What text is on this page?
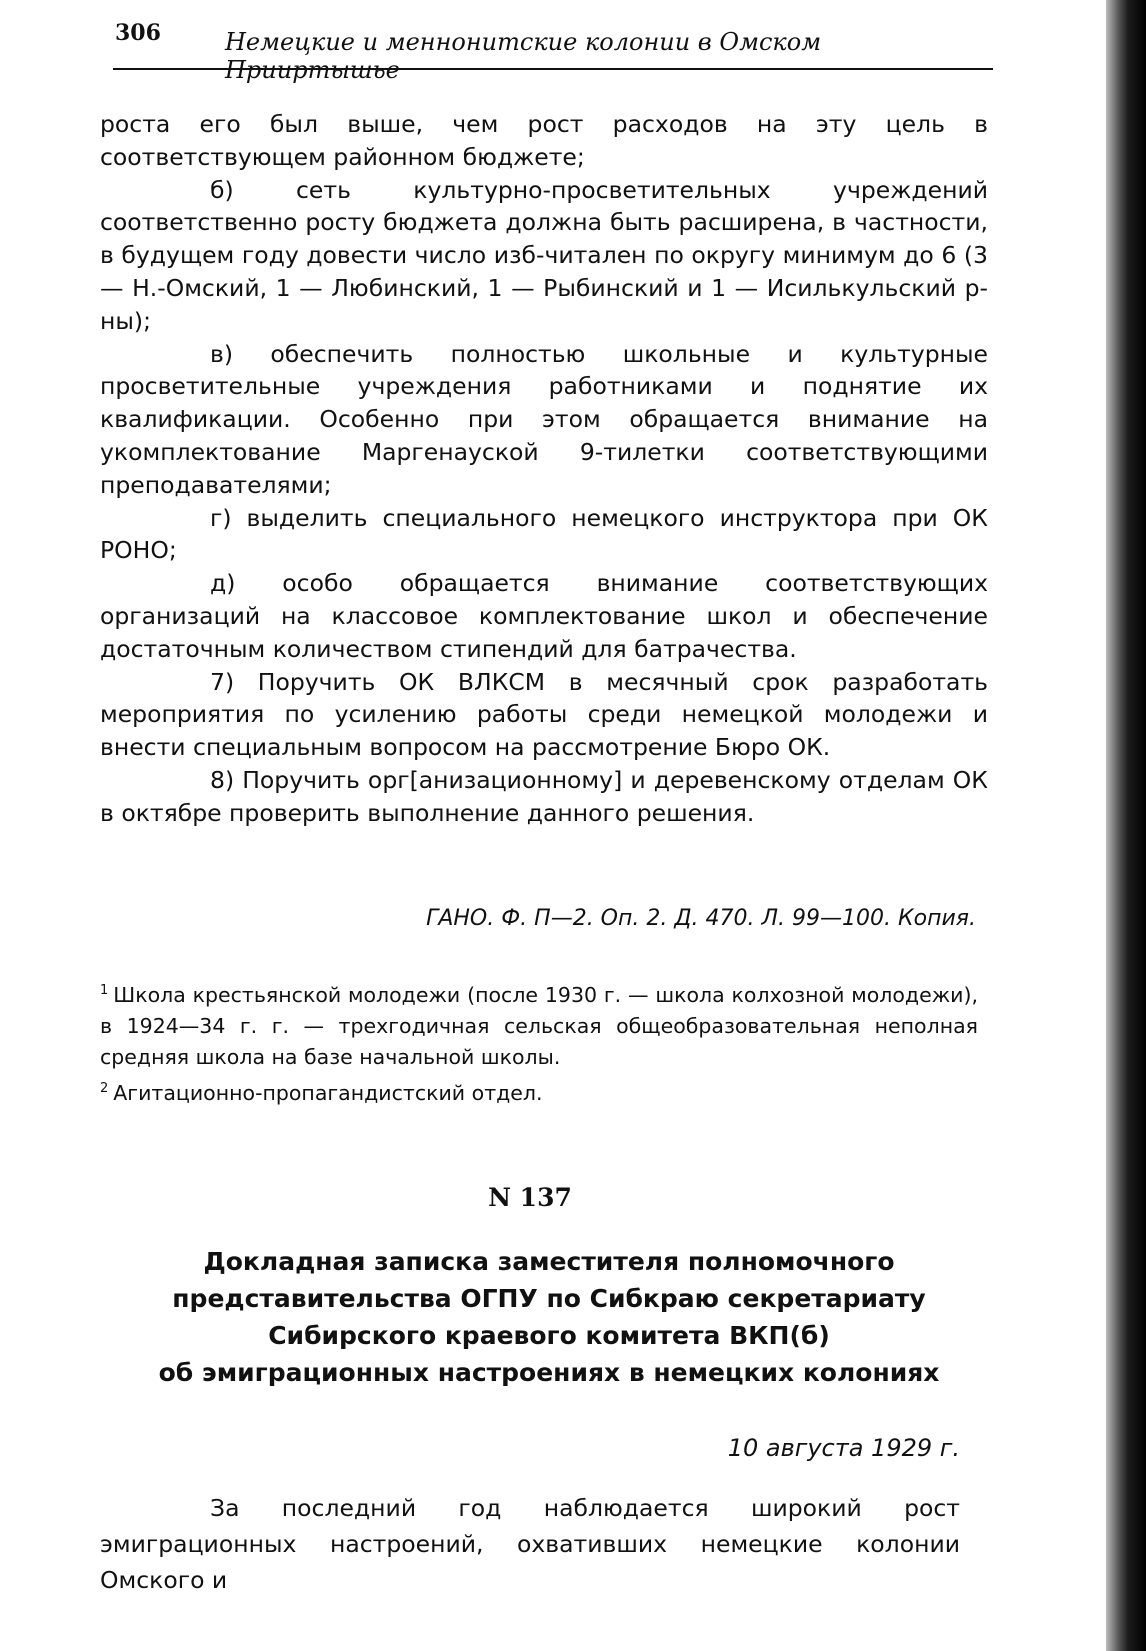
306	Немецкие и меннонитские колонии в Омском Прииртышье

роста его был выше, чем рост расходов на эту цель в соответствующем районном бюджете;

б) сеть культурно-просветительных учреждений соответственно росту бюджета должна быть расширена, в частности, в будущем году довести число изб-читален по округу минимум до 6 (3 — Н.-Омский, 1 — Любинский, 1 — Рыбинский и 1 — Исилькульский р-ны);

в) обеспечить полностью школьные и культурные просветительные учреждения работниками и поднятие их квалификации. Особенно при этом обращается внимание на укомплектование Маргенауской 9-тилетки соответствующими преподавателями;

г) выделить специального немецкого инструктора при ОК РОНО;

д) особо обращается внимание соответствующих организаций на классовое комплектование школ и обеспечение достаточным количеством стипендий для батрачества.

7) Поручить ОК ВЛКСМ в месячный срок разработать мероприятия по усилению работы среди немецкой молодежи и внести специальным вопросом на рассмотрение Бюро ОК.

8) Поручить орг[анизационному] и деревенскому отделам ОК в октябре проверить выполнение данного решения.

ГАНО. Ф. П—2. Оп. 2. Д. 470. Л. 99—100. Копия.

$^1$ Школа крестьянской молодежи (после 1930 г. — школа колхозной молодежи), в 1924—34 г. г. — трехгодичная сельская общеобразовательная неполная средняя школа на базе начальной школы.

$^2$ Агитационно-пропагандистский отдел.

N 137

Докладная записка заместителя полномочного

представительства ОГПУ по Сибкраю секретариату

Сибирского краевого комитета ВКП(б)

об эмиграционных настроениях в немецких колониях

10 августа 1929 г.

За последний год наблюдается широкий рост эмиграционных настроений, охвативших немецкие колонии Омского и
